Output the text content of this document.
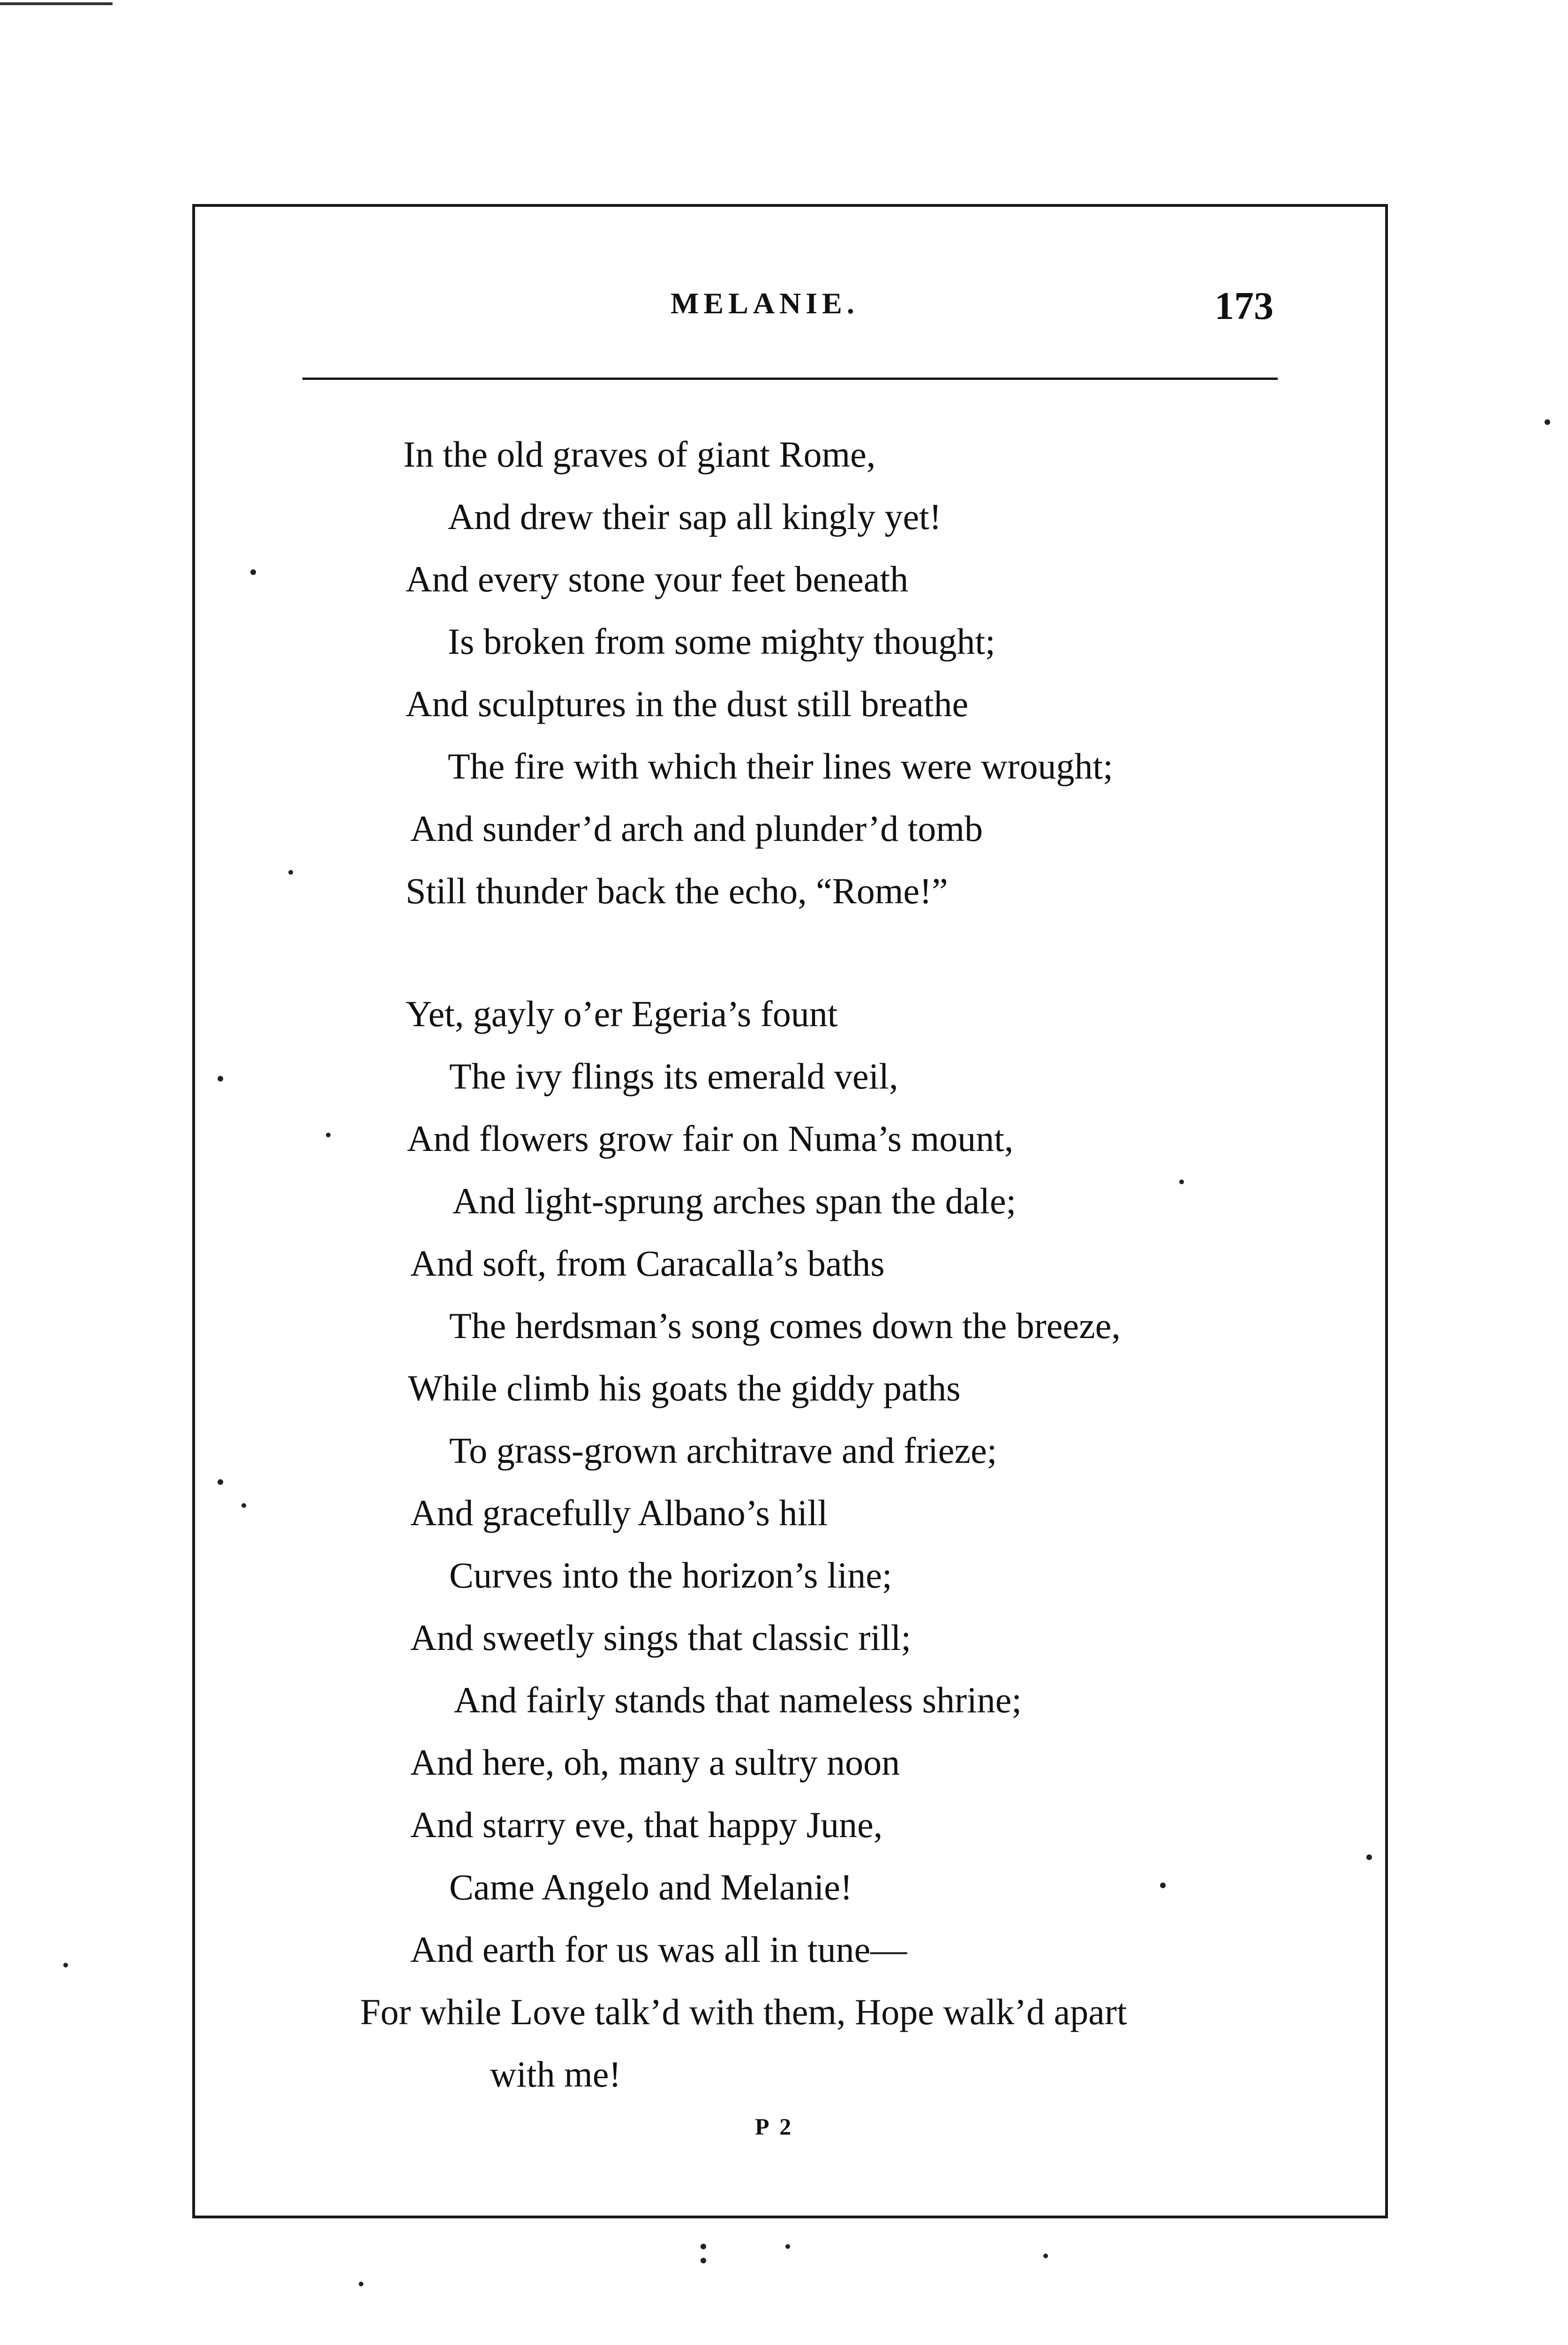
MELANIE.	173
In the old graves of giant Rome,
And drew their sap all kingly yet!
And every stone your feet beneath
Is broken from some mighty thought;
And sculptures in the dust still breathe
The fire with which their lines were wrought;
And sunder’d arch and plunder’d tomb
Still thunder back the echo, “Rome!”
Yet, gayly o’er Egeria’s fount
The ivy flings its emerald veil,
And flowers grow fair on Numa’s mount,
And light-sprung arches span the dale;
And soft, from Caracalla’s baths
The herdsman’s song comes down the breeze,
While climb his goats the giddy paths
To grass-grown architrave and frieze;
And gracefully Albano’s hill
Curves into the horizon’s line;
And sweetly sings that classic rill;
And fairly stands that nameless shrine;
And here, oh, many a sultry noon
And starry eve, that happy June,
Came Angelo and Melanie!
And earth for us was all in tune—
For while Love talk’d with them, Hope walk’d apart
with me!
P 2
